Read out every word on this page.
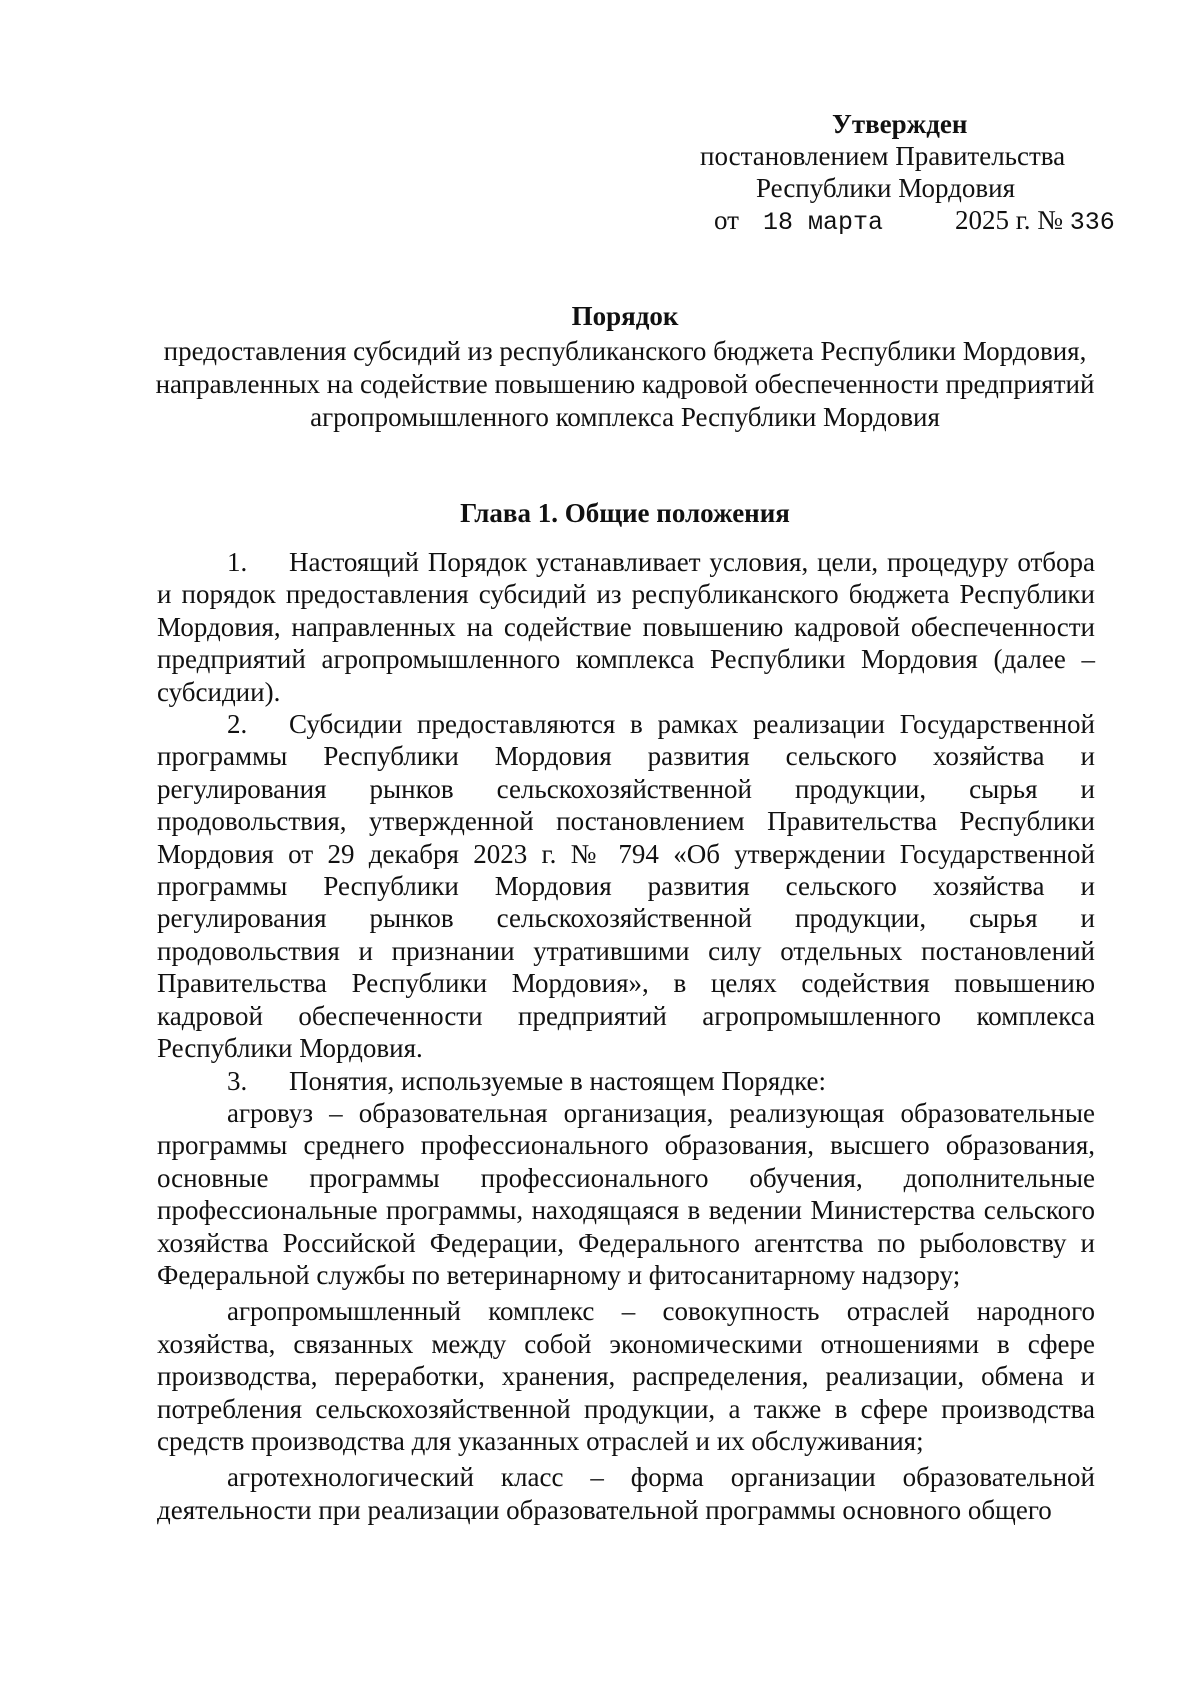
Утвержден
постановлением Правительства
Республики Мордовия
от 18 марта	2025 г. № 336
Порядок
предоставления субсидий из республиканского бюджета Республики Мордовия, направленных на содействие повышению кадровой обеспеченности предприятий агропромышленного комплекса Республики Мордовия
Глава 1. Общие положения

1. Настоящий Порядок устанавливает условия, цели, процедуру отбора и порядок предоставления субсидий из республиканского бюджета Республики Мордовия, направленных на содействие повышению кадровой обеспеченности предприятий агропромышленного комплекса Республики Мордовия (далее – субсидии).

2. Субсидии предоставляются в рамках реализации Государственной программы Республики Мордовия развития сельского хозяйства и регулирования рынков сельскохозяйственной продукции, сырья и продовольствия, утвержденной постановлением Правительства Республики Мордовия от 29 декабря 2023 г. № 794 «Об утверждении Государственной программы Республики Мордовия развития сельского хозяйства и регулирования рынков сельскохозяйственной продукции, сырья и продовольствия и признании утратившими силу отдельных постановлений Правительства Республики Мордовия», в целях содействия повышению кадровой обеспеченности предприятий агропромышленного комплекса Республики Мордовия.

3. Понятия, используемые в настоящем Порядке:

агровуз – образовательная организация, реализующая образовательные программы среднего профессионального образования, высшего образования, основные программы профессионального обучения, дополнительные профессиональные программы, находящаяся в ведении Министерства сельского хозяйства Российской Федерации, Федерального агентства по рыболовству и Федеральной службы по ветеринарному и фитосанитарному надзору;

агропромышленный комплекс – совокупность отраслей народного хозяйства, связанных между собой экономическими отношениями в сфере производства, переработки, хранения, распределения, реализации, обмена и потребления сельскохозяйственной продукции, а также в сфере производства средств производства для указанных отраслей и их обслуживания;

агротехнологический класс – форма организации образовательной деятельности при реализации образовательной программы основного общего
